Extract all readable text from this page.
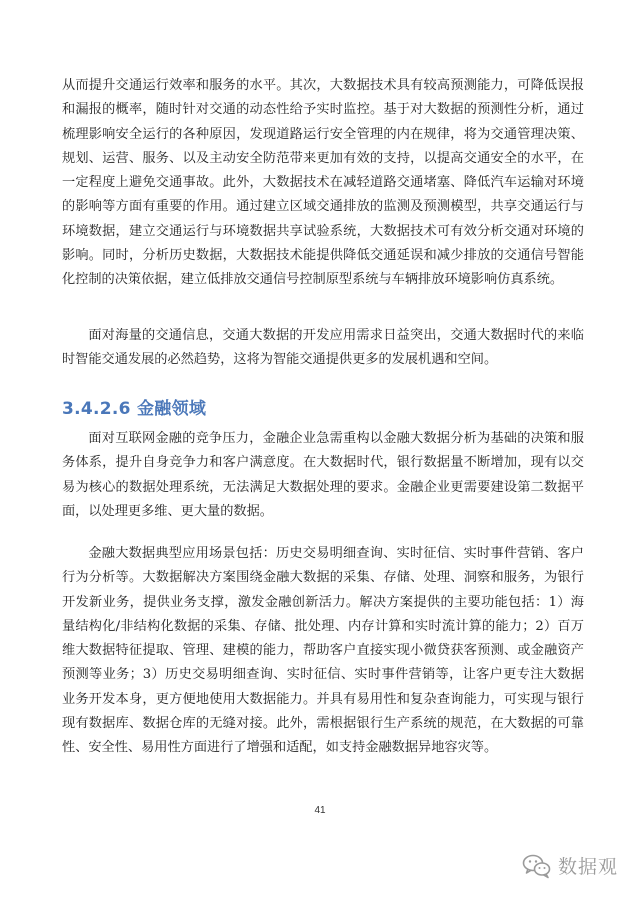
从而提升交通运行效率和服务的水平。其次，大数据技术具有较高预测能力，可降低误报和漏报的概率，随时针对交通的动态性给予实时监控。基于对大数据的预测性分析，通过梳理影响安全运行的各种原因，发现道路运行安全管理的内在规律，将为交通管理决策、规划、运营、服务、以及主动安全防范带来更加有效的支持，以提高交通安全的水平，在一定程度上避免交通事故。此外，大数据技术在减轻道路交通堵塞、降低汽车运输对环境的影响等方面有重要的作用。通过建立区域交通排放的监测及预测模型，共享交通运行与环境数据，建立交通运行与环境数据共享试验系统，大数据技术可有效分析交通对环境的影响。同时，分析历史数据，大数据技术能提供降低交通延误和减少排放的交通信号智能化控制的决策依据，建立低排放交通信号控制原型系统与车辆排放环境影响仿真系统。

面对海量的交通信息，交通大数据的开发应用需求日益突出，交通大数据时代的来临时智能交通发展的必然趋势，这将为智能交通提供更多的发展机遇和空间。

3.4.2.6 金融领域

面对互联网金融的竞争压力，金融企业急需重构以金融大数据分析为基础的决策和服务体系，提升自身竞争力和客户满意度。在大数据时代，银行数据量不断增加，现有以交易为核心的数据处理系统，无法满足大数据处理的要求。金融企业更需要建设第二数据平面，以处理更多维、更大量的数据。

金融大数据典型应用场景包括：历史交易明细查询、实时征信、实时事件营销、客户行为分析等。大数据解决方案围绕金融大数据的采集、存储、处理、洞察和服务，为银行开发新业务，提供业务支撑，激发金融创新活力。解决方案提供的主要功能包括：1）海量结构化/非结构化数据的采集、存储、批处理、内存计算和实时流计算的能力；2）百万维大数据特征提取、管理、建模的能力，帮助客户直接实现小微贷获客预测、或金融资产预测等业务；3）历史交易明细查询、实时征信、实时事件营销等，让客户更专注大数据业务开发本身，更方便地使用大数据能力。并具有易用性和复杂查询能力，可实现与银行现有数据库、数据仓库的无缝对接。此外，需根据银行生产系统的规范，在大数据的可靠性、安全性、易用性方面进行了增强和适配，如支持金融数据异地容灾等。

41
数据观
